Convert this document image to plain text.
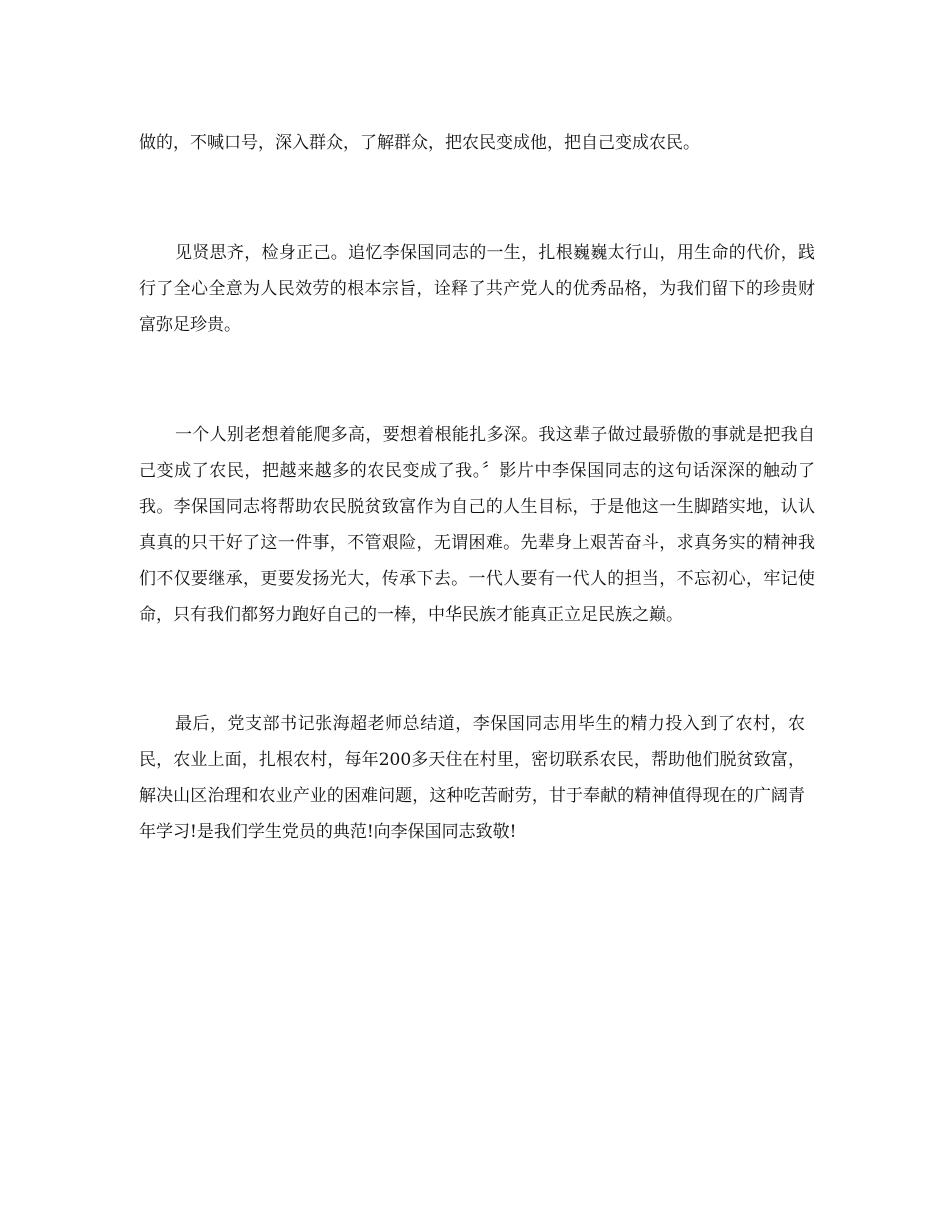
做的，不喊口号，深入群众，了解群众，把农民变成他，把自己变成农民。

见贤思齐，检身正己。追忆李保国同志的一生，扎根巍巍太行山，用生命的代价，践行了全心全意为人民效劳的根本宗旨，诠释了共产党人的优秀品格，为我们留下的珍贵财富弥足珍贵。

一个人别老想着能爬多高，要想着根能扎多深。我这辈子做过最骄傲的事就是把我自己变成了农民，把越来越多的农民变成了我。〞影片中李保国同志的这句话深深的触动了我。李保国同志将帮助农民脱贫致富作为自己的人生目标，于是他这一生脚踏实地，认认真真的只干好了这一件事，不管艰险，无谓困难。先辈身上艰苦奋斗，求真务实的精神我们不仅要继承，更要发扬光大，传承下去。一代人要有一代人的担当，不忘初心，牢记使命，只有我们都努力跑好自己的一棒，中华民族才能真正立足民族之巅。

最后，党支部书记张海超老师总结道，李保国同志用毕生的精力投入到了农村，农民，农业上面，扎根农村，每年200多天住在村里，密切联系农民，帮助他们脱贫致富，解决山区治理和农业产业的困难问题，这种吃苦耐劳，甘于奉献的精神值得现在的广阔青年学习!是我们学生党员的典范!向李保国同志致敬!
